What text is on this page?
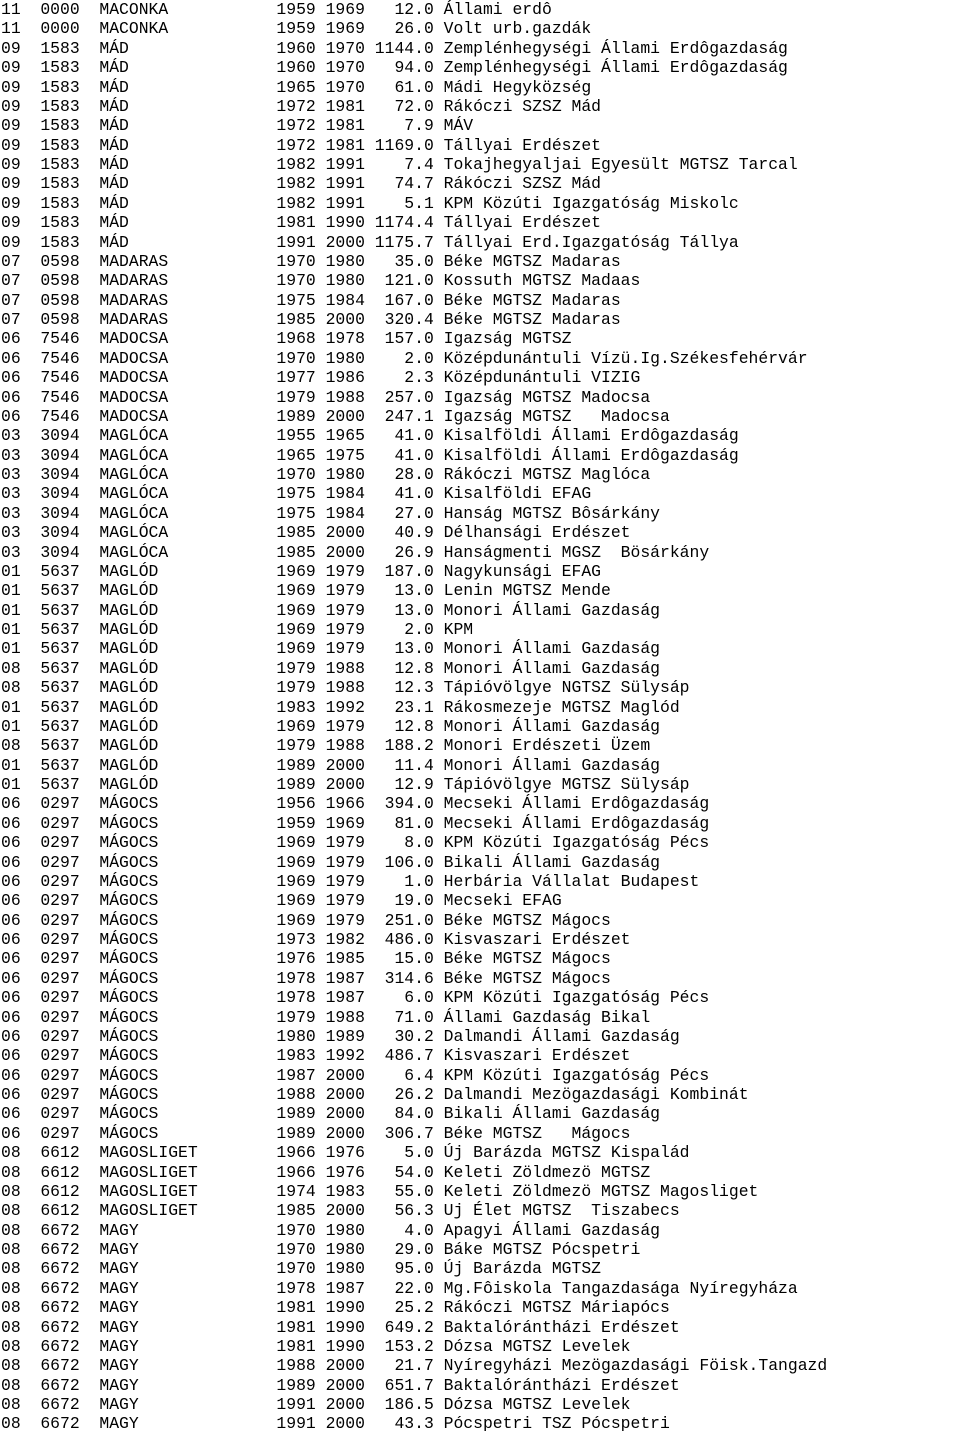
11  0000  MACONKA           1959 1969   12.0 Állami erdô
11  0000  MACONKA           1959 1969   26.0 Volt urb.gazdák
09  1583  MÁD               1960 1970 1144.0 Zemplénhegységi Állami Erdôgazdaság
09  1583  MÁD               1960 1970   94.0 Zemplénhegységi Állami Erdôgazdaság
09  1583  MÁD               1965 1970   61.0 Mádi Hegyközség
09  1583  MÁD               1972 1981   72.0 Rákóczi SZSZ Mád
09  1583  MÁD               1972 1981    7.9 MÁV
09  1583  MÁD               1972 1981 1169.0 Tállyai Erdészet
09  1583  MÁD               1982 1991    7.4 Tokajhegyaljai Egyesült MGTSZ Tarcal
09  1583  MÁD               1982 1991   74.7 Rákóczi SZSZ Mád
09  1583  MÁD               1982 1991    5.1 KPM Közúti Igazgatóság Miskolc
09  1583  MÁD               1981 1990 1174.4 Tállyai Erdészet
09  1583  MÁD               1991 2000 1175.7 Tállyai Erd.Igazgatóság Tállya
07  0598  MADARAS           1970 1980   35.0 Béke MGTSZ Madaras
07  0598  MADARAS           1970 1980  121.0 Kossuth MGTSZ Madaas
07  0598  MADARAS           1975 1984  167.0 Béke MGTSZ Madaras
07  0598  MADARAS           1985 2000  320.4 Béke MGTSZ Madaras
06  7546  MADOCSA           1968 1978  157.0 Igazság MGTSZ
06  7546  MADOCSA           1970 1980    2.0 Középdunántuli Vízü.Ig.Székesfehérvár
06  7546  MADOCSA           1977 1986    2.3 Középdunántuli VIZIG
06  7546  MADOCSA           1979 1988  257.0 Igazság MGTSZ Madocsa
06  7546  MADOCSA           1989 2000  247.1 Igazság MGTSZ   Madocsa
03  3094  MAGLÓCA           1955 1965   41.0 Kisalföldi Állami Erdôgazdaság
03  3094  MAGLÓCA           1965 1975   41.0 Kisalföldi Állami Erdôgazdaság
03  3094  MAGLÓCA           1970 1980   28.0 Rákóczi MGTSZ Maglóca
03  3094  MAGLÓCA           1975 1984   41.0 Kisalföldi EFAG
03  3094  MAGLÓCA           1975 1984   27.0 Hanság MGTSZ Bôsárkány
03  3094  MAGLÓCA           1985 2000   40.9 Délhansági Erdészet
03  3094  MAGLÓCA           1985 2000   26.9 Hanságmenti MGSZ  Bösárkány
01  5637  MAGLÓD            1969 1979  187.0 Nagykunsági EFAG
01  5637  MAGLÓD            1969 1979   13.0 Lenin MGTSZ Mende
01  5637  MAGLÓD            1969 1979   13.0 Monori Állami Gazdaság
01  5637  MAGLÓD            1969 1979    2.0 KPM
01  5637  MAGLÓD            1969 1979   13.0 Monori Állami Gazdaság
08  5637  MAGLÓD            1979 1988   12.8 Monori Állami Gazdaság
08  5637  MAGLÓD            1979 1988   12.3 Tápióvölgye NGTSZ Sülysáp
01  5637  MAGLÓD            1983 1992   23.1 Rákosmezeje MGTSZ Maglód
01  5637  MAGLÓD            1969 1979   12.8 Monori Állami Gazdaság
08  5637  MAGLÓD            1979 1988  188.2 Monori Erdészeti Üzem
01  5637  MAGLÓD            1989 2000   11.4 Monori Állami Gazdaság
01  5637  MAGLÓD            1989 2000   12.9 Tápióvölgye MGTSZ Sülysáp
06  0297  MÁGOCS            1956 1966  394.0 Mecseki Állami Erdôgazdaság
06  0297  MÁGOCS            1959 1969   81.0 Mecseki Állami Erdôgazdaság
06  0297  MÁGOCS            1969 1979    8.0 KPM Közúti Igazgatóság Pécs
06  0297  MÁGOCS            1969 1979  106.0 Bikali Állami Gazdaság
06  0297  MÁGOCS            1969 1979    1.0 Herbária Vállalat Budapest
06  0297  MÁGOCS            1969 1979   19.0 Mecseki EFAG
06  0297  MÁGOCS            1969 1979  251.0 Béke MGTSZ Mágocs
06  0297  MÁGOCS            1973 1982  486.0 Kisvaszari Erdészet
06  0297  MÁGOCS            1976 1985   15.0 Béke MGTSZ Mágocs
06  0297  MÁGOCS            1978 1987  314.6 Béke MGTSZ Mágocs
06  0297  MÁGOCS            1978 1987    6.0 KPM Közúti Igazgatóság Pécs
06  0297  MÁGOCS            1979 1988   71.0 Állami Gazdaság Bikal
06  0297  MÁGOCS            1980 1989   30.2 Dalmandi Állami Gazdaság
06  0297  MÁGOCS            1983 1992  486.7 Kisvaszari Erdészet
06  0297  MÁGOCS            1987 2000    6.4 KPM Közúti Igazgatóság Pécs
06  0297  MÁGOCS            1988 2000   26.2 Dalmandi Mezögazdasági Kombinát
06  0297  MÁGOCS            1989 2000   84.0 Bikali Állami Gazdaság
06  0297  MÁGOCS            1989 2000  306.7 Béke MGTSZ   Mágocs
08  6612  MAGOSLIGET        1966 1976    5.0 Új Barázda MGTSZ Kispalád
08  6612  MAGOSLIGET        1966 1976   54.0 Keleti Zöldmezö MGTSZ
08  6612  MAGOSLIGET        1974 1983   55.0 Keleti Zöldmezö MGTSZ Magosliget
08  6612  MAGOSLIGET        1985 2000   56.3 Uj Élet MGTSZ  Tiszabecs
08  6672  MAGY              1970 1980    4.0 Apagyi Állami Gazdaság
08  6672  MAGY              1970 1980   29.0 Báke MGTSZ Pócspetri
08  6672  MAGY              1970 1980   95.0 Új Barázda MGTSZ
08  6672  MAGY              1978 1987   22.0 Mg.Fôiskola Tangazdasága Nyíregyháza
08  6672  MAGY              1981 1990   25.2 Rákóczi MGTSZ Máriapócs
08  6672  MAGY              1981 1990  649.2 Baktalórántházi Erdészet
08  6672  MAGY              1981 1990  153.2 Dózsa MGTSZ Levelek
08  6672  MAGY              1988 2000   21.7 Nyíregyházi Mezögazdasági Föisk.Tangazd
08  6672  MAGY              1989 2000  651.7 Baktalórántházi Erdészet
08  6672  MAGY              1991 2000  186.5 Dózsa MGTSZ Levelek
08  6672  MAGY              1991 2000   43.3 Pócspetri TSZ Pócspetri
